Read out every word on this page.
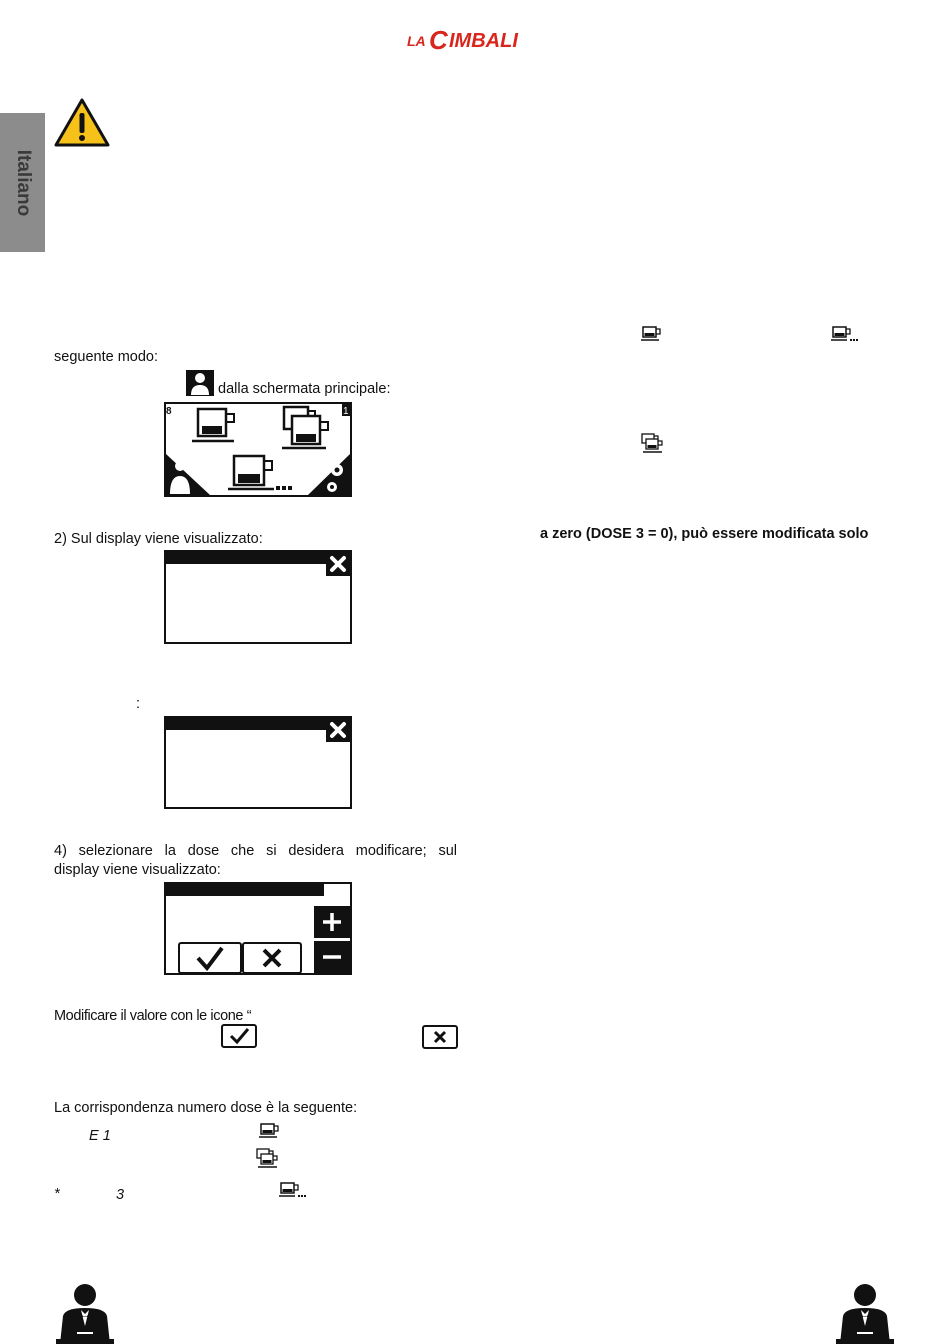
LA C IMBALI
Italiano
seguente modo:
dalla schermata principale:
8	1
2) Sul display viene visualizzato:	a zero (DOSE 3 = 0), può essere modificata solo
:
4) selezionare la dose che si desidera modificare; sul
display viene visualizzato:
Modificare il valore con le icone “
La corrispondenza numero dose è la seguente:
E 1
*	3
